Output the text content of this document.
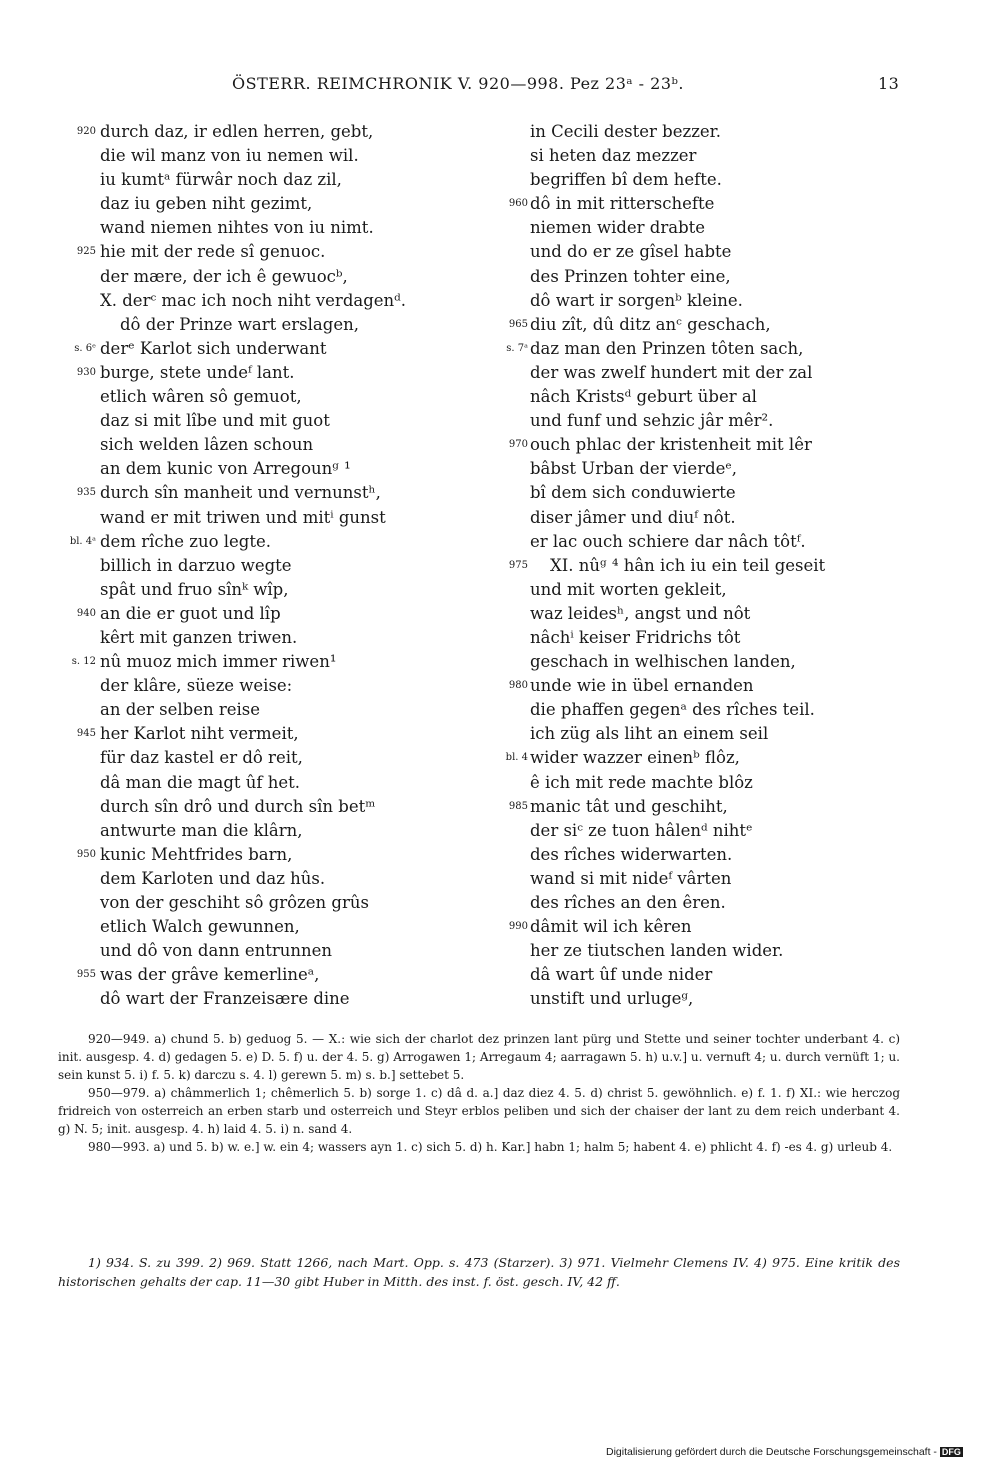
ÖSTERR. REIMCHRONIK V. 920—998. Pez 23ᵃ - 23ᵇ.	13
920 durch daz, ir edlen herren, gebt,
die wil manz von iu nemen wil.
iu kumtᵃ fürwâr noch daz zil,
daz iu geben niht gezimt,
wand niemen nihtes von iu nimt.
925 hie mit der rede sî genuoc.
der mære, der ich ê gewuocᵇ,
X. derᶜ mac ich noch niht verdagenᵈ.
dô der Prinze wart erslagen,
s. 6ᵉ derᵉ Karlot sich underwant
930 burge, stete undeᶠ lant.
etlich wâren sô gemuot,
daz si mit lîbe und mit guot
sich welden lâzen schoun
an dem kunic von Arregounᵍ ¹
935 durch sîn manheit und vernunstʰ,
wand er mit triwen und mitⁱ gunst
bl. 4ᵃ dem rîche zuo legte.
billich in darzuo wegte
spât und fruo sînᵏ wîp,
940 an die er guot und lîp
kêrt mit ganzen triwen.
s. 12 nû muoz mich immer riwen¹
der klâre, süeze weise:
an der selben reise
945 her Karlot niht vermeit,
für daz kastel er dô reit,
dâ man die magt ûf het.
durch sîn drô und durch sîn betᵐ
antwurte man die klârn,
950 kunic Mehtfrides barn,
dem Karloten und daz hûs.
von der geschiht sô grôzen grûs
etlich Walch gewunnen,
und dô von dann entrunnen
955 was der grâve kemerlineᵃ,
dô wart der Franzeisære dine
in Cecili dester bezzer.
si heten daz mezzer
begriffen bî dem hefte.
960 dô in mit ritterschefte
niemen wider drabte
und do er ze gîsel habte
des Prinzen tohter eine,
dô wart ir sorgenᵇ kleine.
965 diu zît, dû ditz anᶜ geschach,
s. 7ᵃ daz man den Prinzen tôten sach,
der was zwelf hundert mit der zal
nâch Kristsᵈ geburt über al
und funf und sehzic jâr mêr².
970 ouch phlac der kristenheit mit lêr
bâbst Urban der vierdeᵉ,
bî dem sich conduwierte
diser jâmer und diuᶠ nôt.
er lac ouch schiere dar nâch tôtᶠ.
975 XI. nûᵍ ⁴ hân ich iu ein teil geseit
und mit worten gekleit,
waz leidesʰ, angst und nôt
nâchⁱ keiser Fridrichs tôt
geschach in welhischen landen,
980 unde wie in übel ernanden
die phaffen gegenᵃ des rîches teil.
ich züg als liht an einem seil
bl. 4 wider wazzer einenᵇ flôz,
ê ich mit rede machte blôz
985 manic tât und geschiht,
der siᶜ ze tuon hâlenᵈ nihtᵉ
des rîches widerwarten.
wand si mit nideᶠ vârten
des rîches an den êren.
990 dâmit wil ich kêren
her ze tiutschen landen wider.
dâ wart ûf unde nider
unstift und urlugeᵍ,

920—949. a) chund 5. b) geduog 5. — X.: wie sich der charlot dez prinzen lant pürg und Stette und seiner tochter underbant 4. c) init. ausgesp. 4. d) gedagen 5. e) D. 5. f) u. der 4. 5. g) Arrogawen 1; Arregaum 4; aarragawn 5. h) u.v.] u. vernuft 4; u. durch vernüft 1; u. sein kunst 5. i) f. 5. k) darczu s. 4. l) gerewn 5. m) s. b.] settebet 5.

950—979. a) châmmerlich 1; chêmerlich 5. b) sorge 1. c) dâ d. a.] daz diez 4. 5. d) christ 5. gewöhnlich. e) f. 1. f) XI.: wie herczog fridreich von osterreich an erben starb und osterreich und Steyr erblos peliben und sich der chaiser der lant zu dem reich underbant 4. g) N. 5; init. ausgesp. 4. h) laid 4. 5. i) n. sand 4.

980—993. a) und 5. b) w. e.] w. ein 4; wassers ayn 1. c) sich 5. d) h. Kar.] habn 1; halm 5; habent 4. e) phlicht 4. f) -es 4. g) urleub 4.

1) 934. S. zu 399. 2) 969. Statt 1266, nach Mart. Opp. s. 473 (Starzer). 3) 971. Vielmehr Clemens IV. 4) 975. Eine kritik des historischen gehalts der cap. 11—30 gibt Huber in Mitth. des inst. f. öst. gesch. IV, 42 ff.

Digitalisierung gefördert durch die Deutsche Forschungsgemeinschaft - DFG
